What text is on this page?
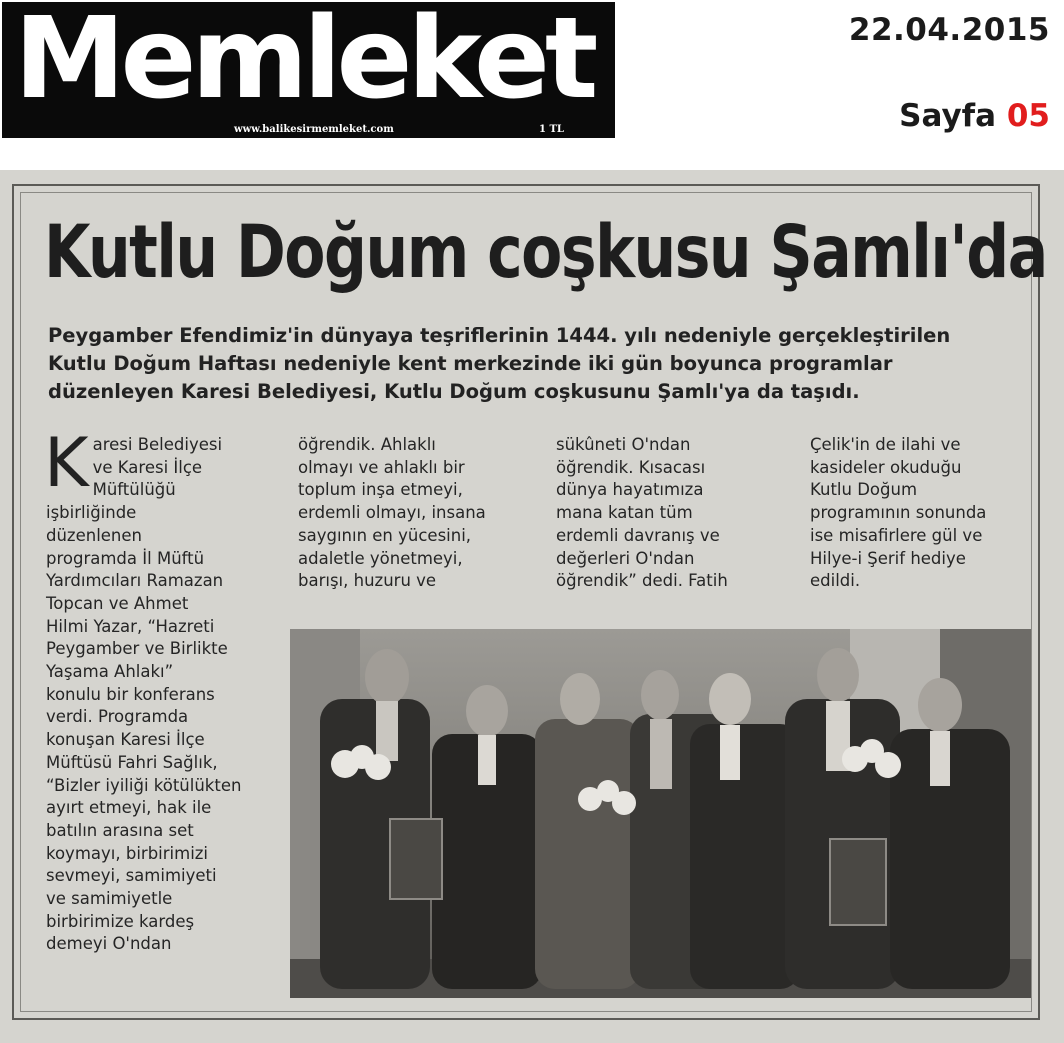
Memleket
www.balikesirmemleket.com	1 TL
22.04.2015
Sayfa 05
Kutlu Doğum coşkusu Şamlı'da
Peygamber Efendimiz'in dünyaya teşriflerinin 1444. yılı nedeniyle gerçekleştirilen
Kutlu Doğum Haftası nedeniyle kent merkezinde iki gün boyunca programlar
düzenleyen Karesi Belediyesi, Kutlu Doğum coşkusunu Şamlı'ya da taşıdı.
K aresi Belediyesi
ve Karesi İlçe
Müftülüğü
işbirliğinde
düzenlenen
programda İl Müftü
Yardımcıları Ramazan
Topcan ve Ahmet
Hilmi Yazar, “Hazreti
Peygamber ve Birlikte
Yaşama Ahlakı”
konulu bir konferans
verdi. Programda
konuşan Karesi İlçe
Müftüsü Fahri Sağlık,
“Bizler iyiliği kötülükten
ayırt etmeyi, hak ile
batılın arasına set
koymayı, birbirimizi
sevmeyi, samimiyeti
ve samimiyetle
birbirimize kardeş
demeyi O'ndan
öğrendik. Ahlaklı
olmayı ve ahlaklı bir
toplum inşa etmeyi,
erdemli olmayı, insana
saygının en yücesini,
adaletle yönetmeyi,
barışı, huzuru ve
sükûneti O'ndan
öğrendik. Kısacası
dünya hayatımıza
mana katan tüm
erdemli davranış ve
değerleri O'ndan
öğrendik” dedi. Fatih
Çelik'in de ilahi ve
kasideler okuduğu
Kutlu Doğum
programının sonunda
ise misafirlere gül ve
Hilye-i Şerif hediye
edildi.
